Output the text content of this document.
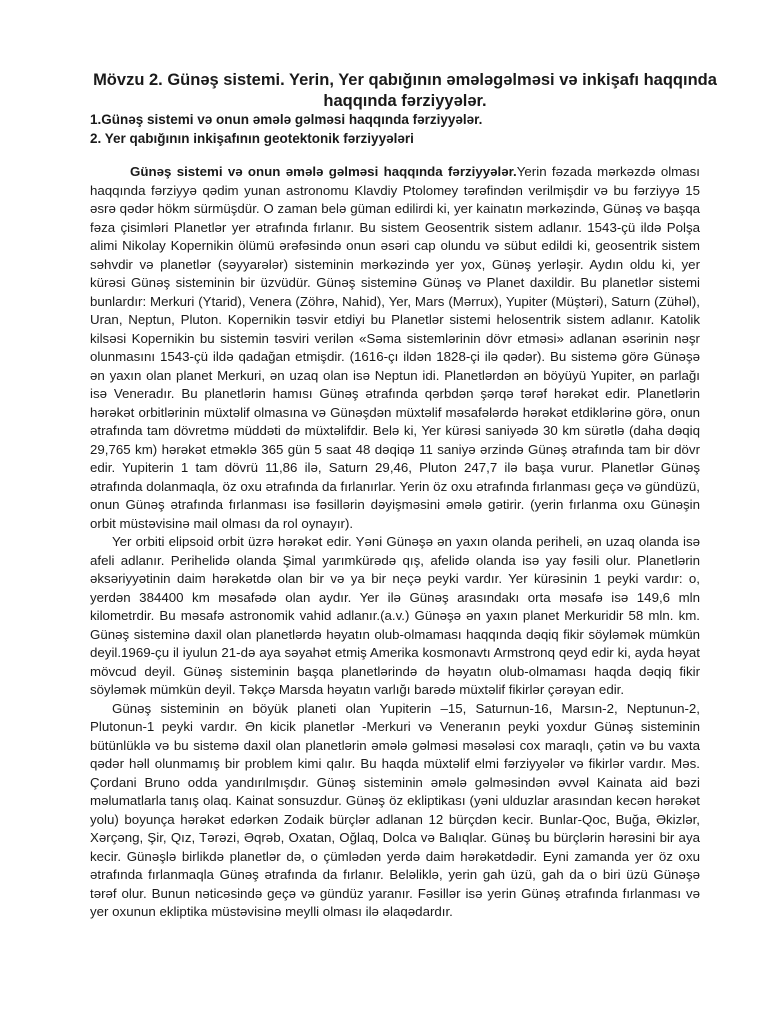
Mövzu 2. Günəş sistemi. Yerin, Yer qabığının əmələgəlməsi və inkişafı haqqında haqqında fərziyyələr.
1.Günəş sistemi və onun əmələ gəlməsi haqqında fərziyyələr.
2. Yer qabığının inkişafının geotektonik fərziyyələri

Günəş sistemi və onun əmələ gəlməsi haqqında fərziyyələr.Yerin fəzada mərkəzdə olması haqqında fərziyyə qədim yunan astronomu Klavdiy Ptolomey tərəfindən verilmişdir və bu fərziyyə 15 əsrə qədər hökm sürmüşdür. O zaman belə güman edilirdi ki, yer kainatın mərkəzində, Günəş və başqa fəza çisimləri Planetlər yer ətrafında fırlanır. Bu sistem Geosentrik sistem adlanır. 1543-çü ildə Polşa alimi Nikolay Kopernikin ölümü ərəfəsində onun əsəri cap olundu və sübut edildi ki, geosentrik sistem səhvdir və planetlər (səyyarələr) sisteminin mərkəzində yer yox, Günəş yerləşir. Aydın oldu ki, yer kürəsi Günəş sisteminin bir üzvüdür. Günəş sisteminə Günəş və Planet daxildir. Bu planetlər sistemi bunlardır: Merkuri (Ytarid), Venera (Zöhrə, Nahid), Yer, Mars (Mərrux), Yupiter (Müştəri), Saturn (Zühəl), Uran, Neptun, Pluton. Kopernikin təsvir etdiyi bu Planetlər sistemi helosentrik sistem adlanır. Katolik kilsəsi Kopernikin bu sistemin təsviri verilən «Səma sistemlərinin dövr etməsi» adlanan əsərinin nəşr olunmasını 1543-çü ildə qadağan etmişdir. (1616-çı ildən 1828-çi ilə qədər). Bu sistemə görə Günəşə ən yaxın olan planet Merkuri, ən uzaq olan isə Neptun idi. Planetlərdən ən böyüyü Yupiter, ən parlağı isə Veneradır. Bu planetlərin hamısı Günəş ətrafında qərbdən şərqə tərəf hərəkət edir. Planetlərin hərəkət orbitlərinin müxtəlif olmasına və Günəşdən müxtəlif məsafələrdə hərəkət etdiklərinə görə, onun ətrafında tam dövretmə müddəti də müxtəlifdir. Belə ki, Yer kürəsi saniyədə 30 km sürətlə (daha dəqiq 29,765 km) hərəkət etməklə 365 gün 5 saat 48 dəqiqə 11 saniyə ərzində Günəş ətrafında tam bir dövr edir. Yupiterin 1 tam dövrü 11,86 ilə, Saturn 29,46, Pluton 247,7 ilə başa vurur. Planetlər Günəş ətrafında dolanmaqla, öz oxu ətrafında da fırlanırlar. Yerin öz oxu ətrafında fırlanması geçə və gündüzü, onun Günəş ətrafında fırlanması isə fəsillərin dəyişməsini əmələ gətirir. (yerin fırlanma oxu Günəşin orbit müstəvisinə mail olması da rol oynayır).

Yer orbiti elipsoid orbit üzrə hərəkət edir. Yəni Günəşə ən yaxın olanda periheli, ən uzaq olanda isə afeli adlanır. Perihelidə olanda Şimal yarımkürədə qış, afelidə olanda isə yay fəsili olur. Planetlərin əksəriyyətinin daim hərəkətdə olan bir və ya bir neçə peyki vardır. Yer kürəsinin 1 peyki vardır: o, yerdən 384400 km məsafədə olan aydır. Yer ilə Günəş arasındakı orta məsafə isə 149,6 mln kilometrdir. Bu məsafə astronomik vahid adlanır.(a.v.) Günəşə ən yaxın planet Merkuridir 58 mln. km. Günəş sisteminə daxil olan planetlərdə həyatın olub-olmaması haqqında dəqiq fikir söyləmək mümkün deyil.1969-çu il iyulun 21-də aya səyahət etmiş Amerika kosmonavtı Armstronq qeyd edir ki, ayda həyat mövcud deyil. Günəş sisteminin başqa planetlərində də həyatın olub-olmaması haqda dəqiq fikir söyləmək mümkün deyil. Təkçə Marsda həyatın varlığı barədə müxtəlif fikirlər çərəyan edir.

Günəş sisteminin ən böyük planeti olan Yupiterin –15, Saturnun-16, Marsın-2, Neptunun-2, Plutonun-1 peyki vardır. Ən kicik planetlər -Merkuri və Veneranın peyki yoxdur Günəş sisteminin bütünlüklə və bu sistemə daxil olan planetlərin əmələ gəlməsi məsələsi cox maraqlı, çətin və bu vaxta qədər həll olunmamış bir problem kimi qalır. Bu haqda müxtəlif elmi fərziyyələr və fikirlər vardır. Məs. Çordani Bruno odda yandırılmışdır. Günəş sisteminin əmələ gəlməsindən əvvəl Kainata aid bəzi məlumatlarla tanış olaq. Kainat sonsuzdur. Günəş öz ekliptikası (yəni ulduzlar arasından kecən hərəkət yolu) boyunça hərəkət edərkən Zodaik bürçlər adlanan 12 bürçdən kecir. Bunlar-Qoc, Buğa, Əkizlər, Xərçəng, Şir, Qız, Tərəzi, Əqrəb, Oxatan, Oğlaq, Dolca və Balıqlar. Günəş bu bürçlərin hərəsini bir aya kecir. Günəşlə birlikdə planetlər də, o çümlədən yerdə daim hərəkətdədir. Eyni zamanda yer öz oxu ətrafında fırlanmaqla Günəş ətrafında da fırlanır. Beləliklə, yerin gah üzü, gah da o biri üzü Günəşə tərəf olur. Bunun nəticəsində geçə və gündüz yaranır. Fəsillər isə yerin Günəş ətrafında fırlanması və yer oxunun ekliptika müstəvisinə meylli olması ilə əlaqədardır.
